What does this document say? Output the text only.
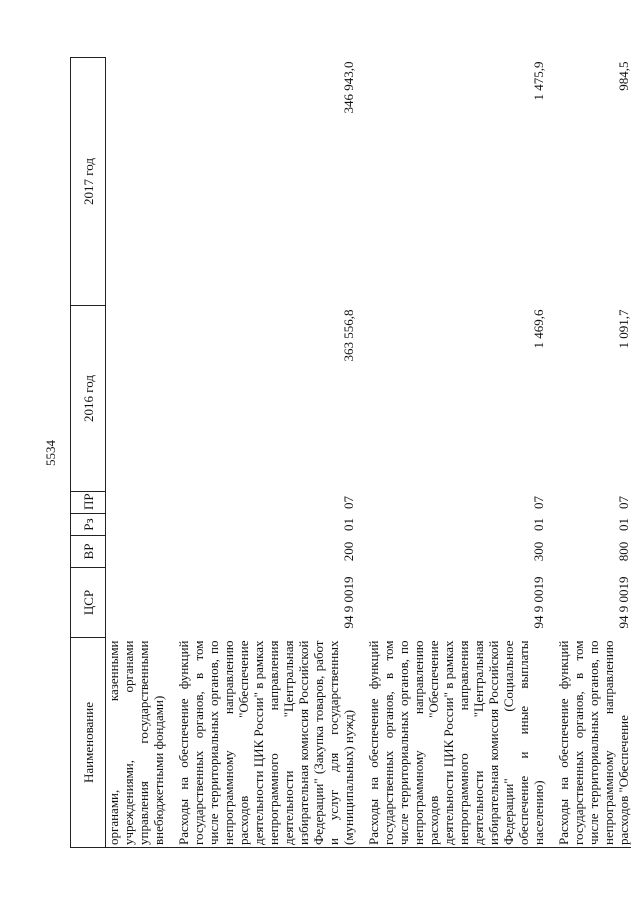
5534
Наименование	ЦСР	ВР	Рз	ПР	2016 год	2017 год
органами, казенными учреждениями, органами управления государственными внебюджетными фондами)						

Расходы на обеспечение функций государственных органов, в том числе территориальных органов, по непрограммному направлению расходов "Обеспечение деятельности ЦИК России" в рамках непрограммного направления деятельности "Центральная избирательная комиссия Российской Федерации" (Закупка товаров, работ и услуг для государственных (муниципальных) нужд)	94 9 0019	200	01	07	363 556,8	346 943,0

Расходы на обеспечение функций государственных органов, в том числе территориальных органов, по непрограммному направлению расходов "Обеспечение деятельности ЦИК России" в рамках непрограммного направления деятельности "Центральная избирательная комиссия Российской Федерации" (Социальное обеспечение и иные выплаты населению)	94 9 0019	300	01	07	1 469,6	1 475,9

Расходы на обеспечение функций государственных органов, в том числе территориальных органов, по непрограммному направлению расходов "Обеспечение	94 9 0019	800	01	07	1 091,7	984,5
